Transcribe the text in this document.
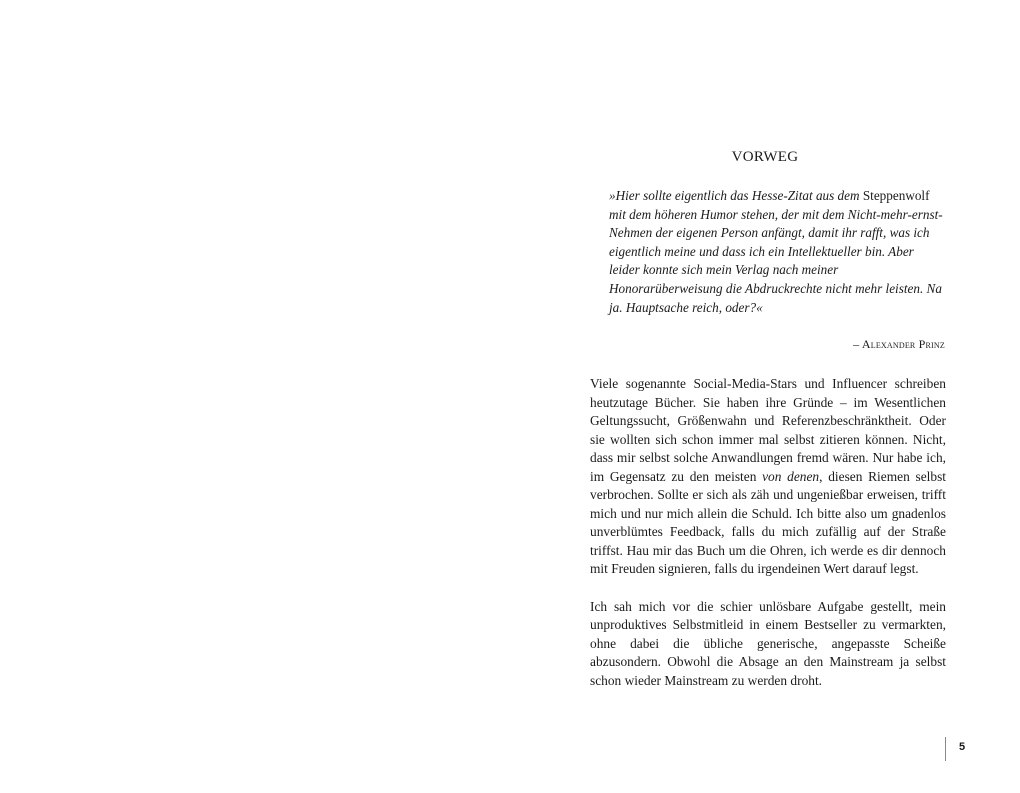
VORWEG

»Hier sollte eigentlich das Hesse-Zitat aus dem Steppenwolf mit dem höheren Humor stehen, der mit dem Nicht-mehr-ernst-Nehmen der eigenen Person anfängt, damit ihr rafft, was ich eigentlich meine und dass ich ein Intellektueller bin. Aber leider konnte sich mein Verlag nach meiner Honorarüberweisung die Abdruckrechte nicht mehr leisten. Na ja. Hauptsache reich, oder?«

– Alexander Prinz

Viele sogenannte Social-Media-Stars und Influencer schreiben heutzutage Bücher. Sie haben ihre Gründe – im Wesentlichen Geltungssucht, Größenwahn und Referenzbeschränktheit. Oder sie wollten sich schon immer mal selbst zitieren können. Nicht, dass mir selbst solche Anwandlungen fremd wären. Nur habe ich, im Gegensatz zu den meisten von denen, diesen Riemen selbst verbrochen. Sollte er sich als zäh und ungenießbar erweisen, trifft mich und nur mich allein die Schuld. Ich bitte also um gnadenlos unverblümtes Feedback, falls du mich zufällig auf der Straße triffst. Hau mir das Buch um die Ohren, ich werde es dir dennoch mit Freuden signieren, falls du irgendeinen Wert darauf legst.

Ich sah mich vor die schier unlösbare Aufgabe gestellt, mein unproduktives Selbstmitleid in einem Bestseller zu vermarkten, ohne dabei die übliche generische, angepasste Scheiße abzusondern. Obwohl die Absage an den Mainstream ja selbst schon wieder Mainstream zu werden droht.

5
